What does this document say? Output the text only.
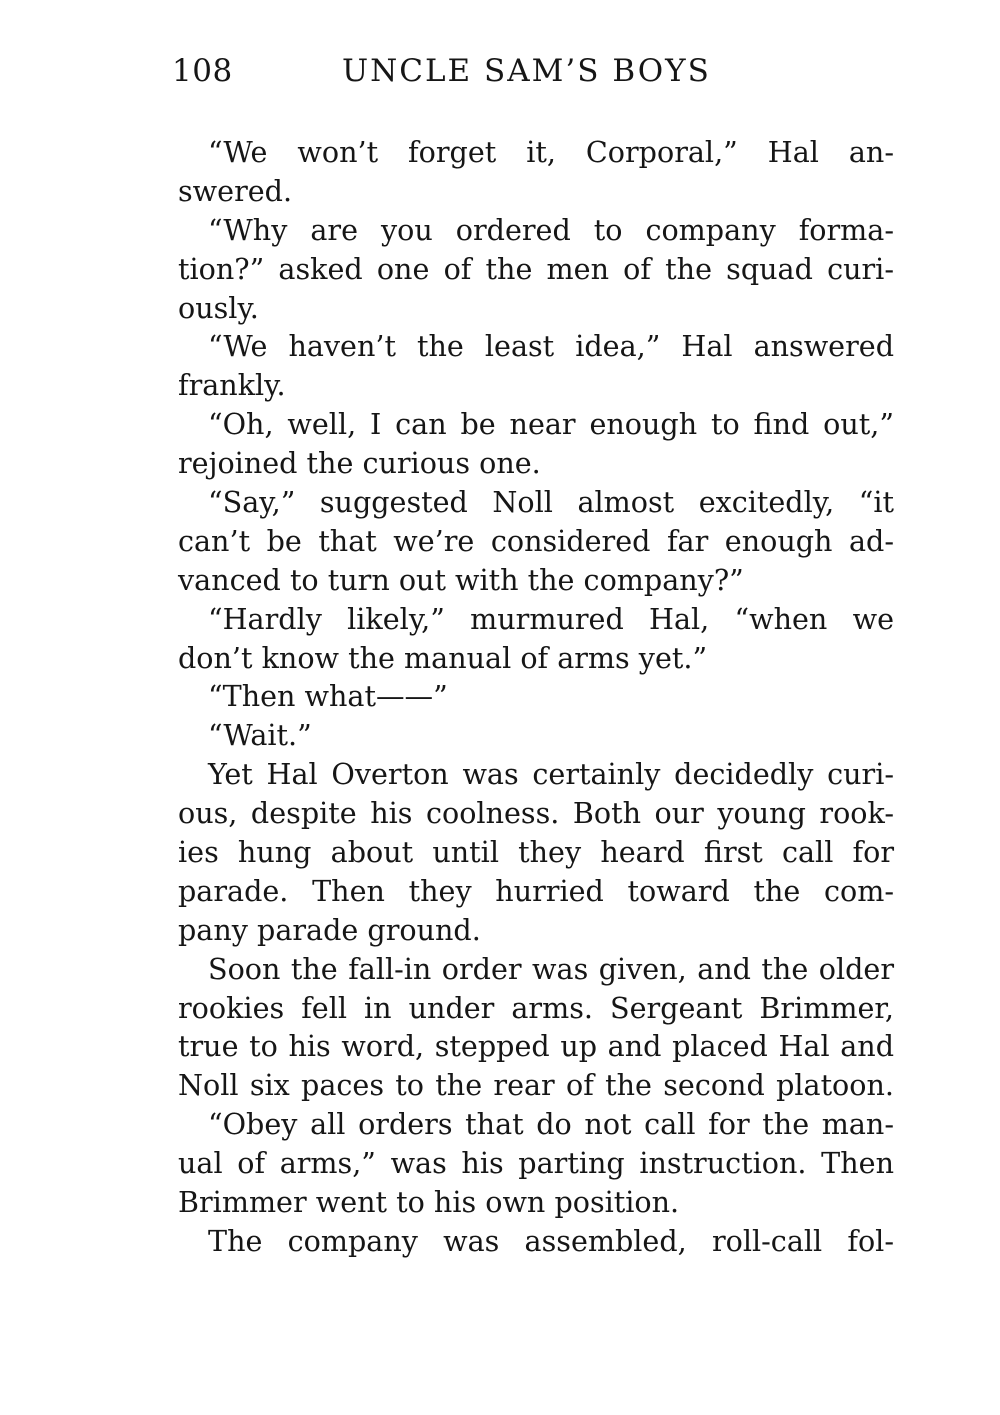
108	UNCLE SAM’S BOYS
“We won’t forget it, Corporal,” Hal an-
swered.
“Why are you ordered to company forma-
tion?” asked one of the men of the squad curi-
ously.
“We haven’t the least idea,” Hal answered
frankly.
“Oh, well, I can be near enough to find out,”
rejoined the curious one.
“Say,” suggested Noll almost excitedly, “it
can’t be that we’re considered far enough ad-
vanced to turn out with the company?”
“Hardly likely,” murmured Hal, “when we
don’t know the manual of arms yet.”
“Then what——”
“Wait.”
Yet Hal Overton was certainly decidedly curi-
ous, despite his coolness. Both our young rook-
ies hung about until they heard first call for
parade. Then they hurried toward the com-
pany parade ground.
Soon the fall-in order was given, and the older
rookies fell in under arms. Sergeant Brimmer,
true to his word, stepped up and placed Hal and
Noll six paces to the rear of the second platoon.
“Obey all orders that do not call for the man-
ual of arms,” was his parting instruction. Then
Brimmer went to his own position.
The company was assembled, roll-call fol-
